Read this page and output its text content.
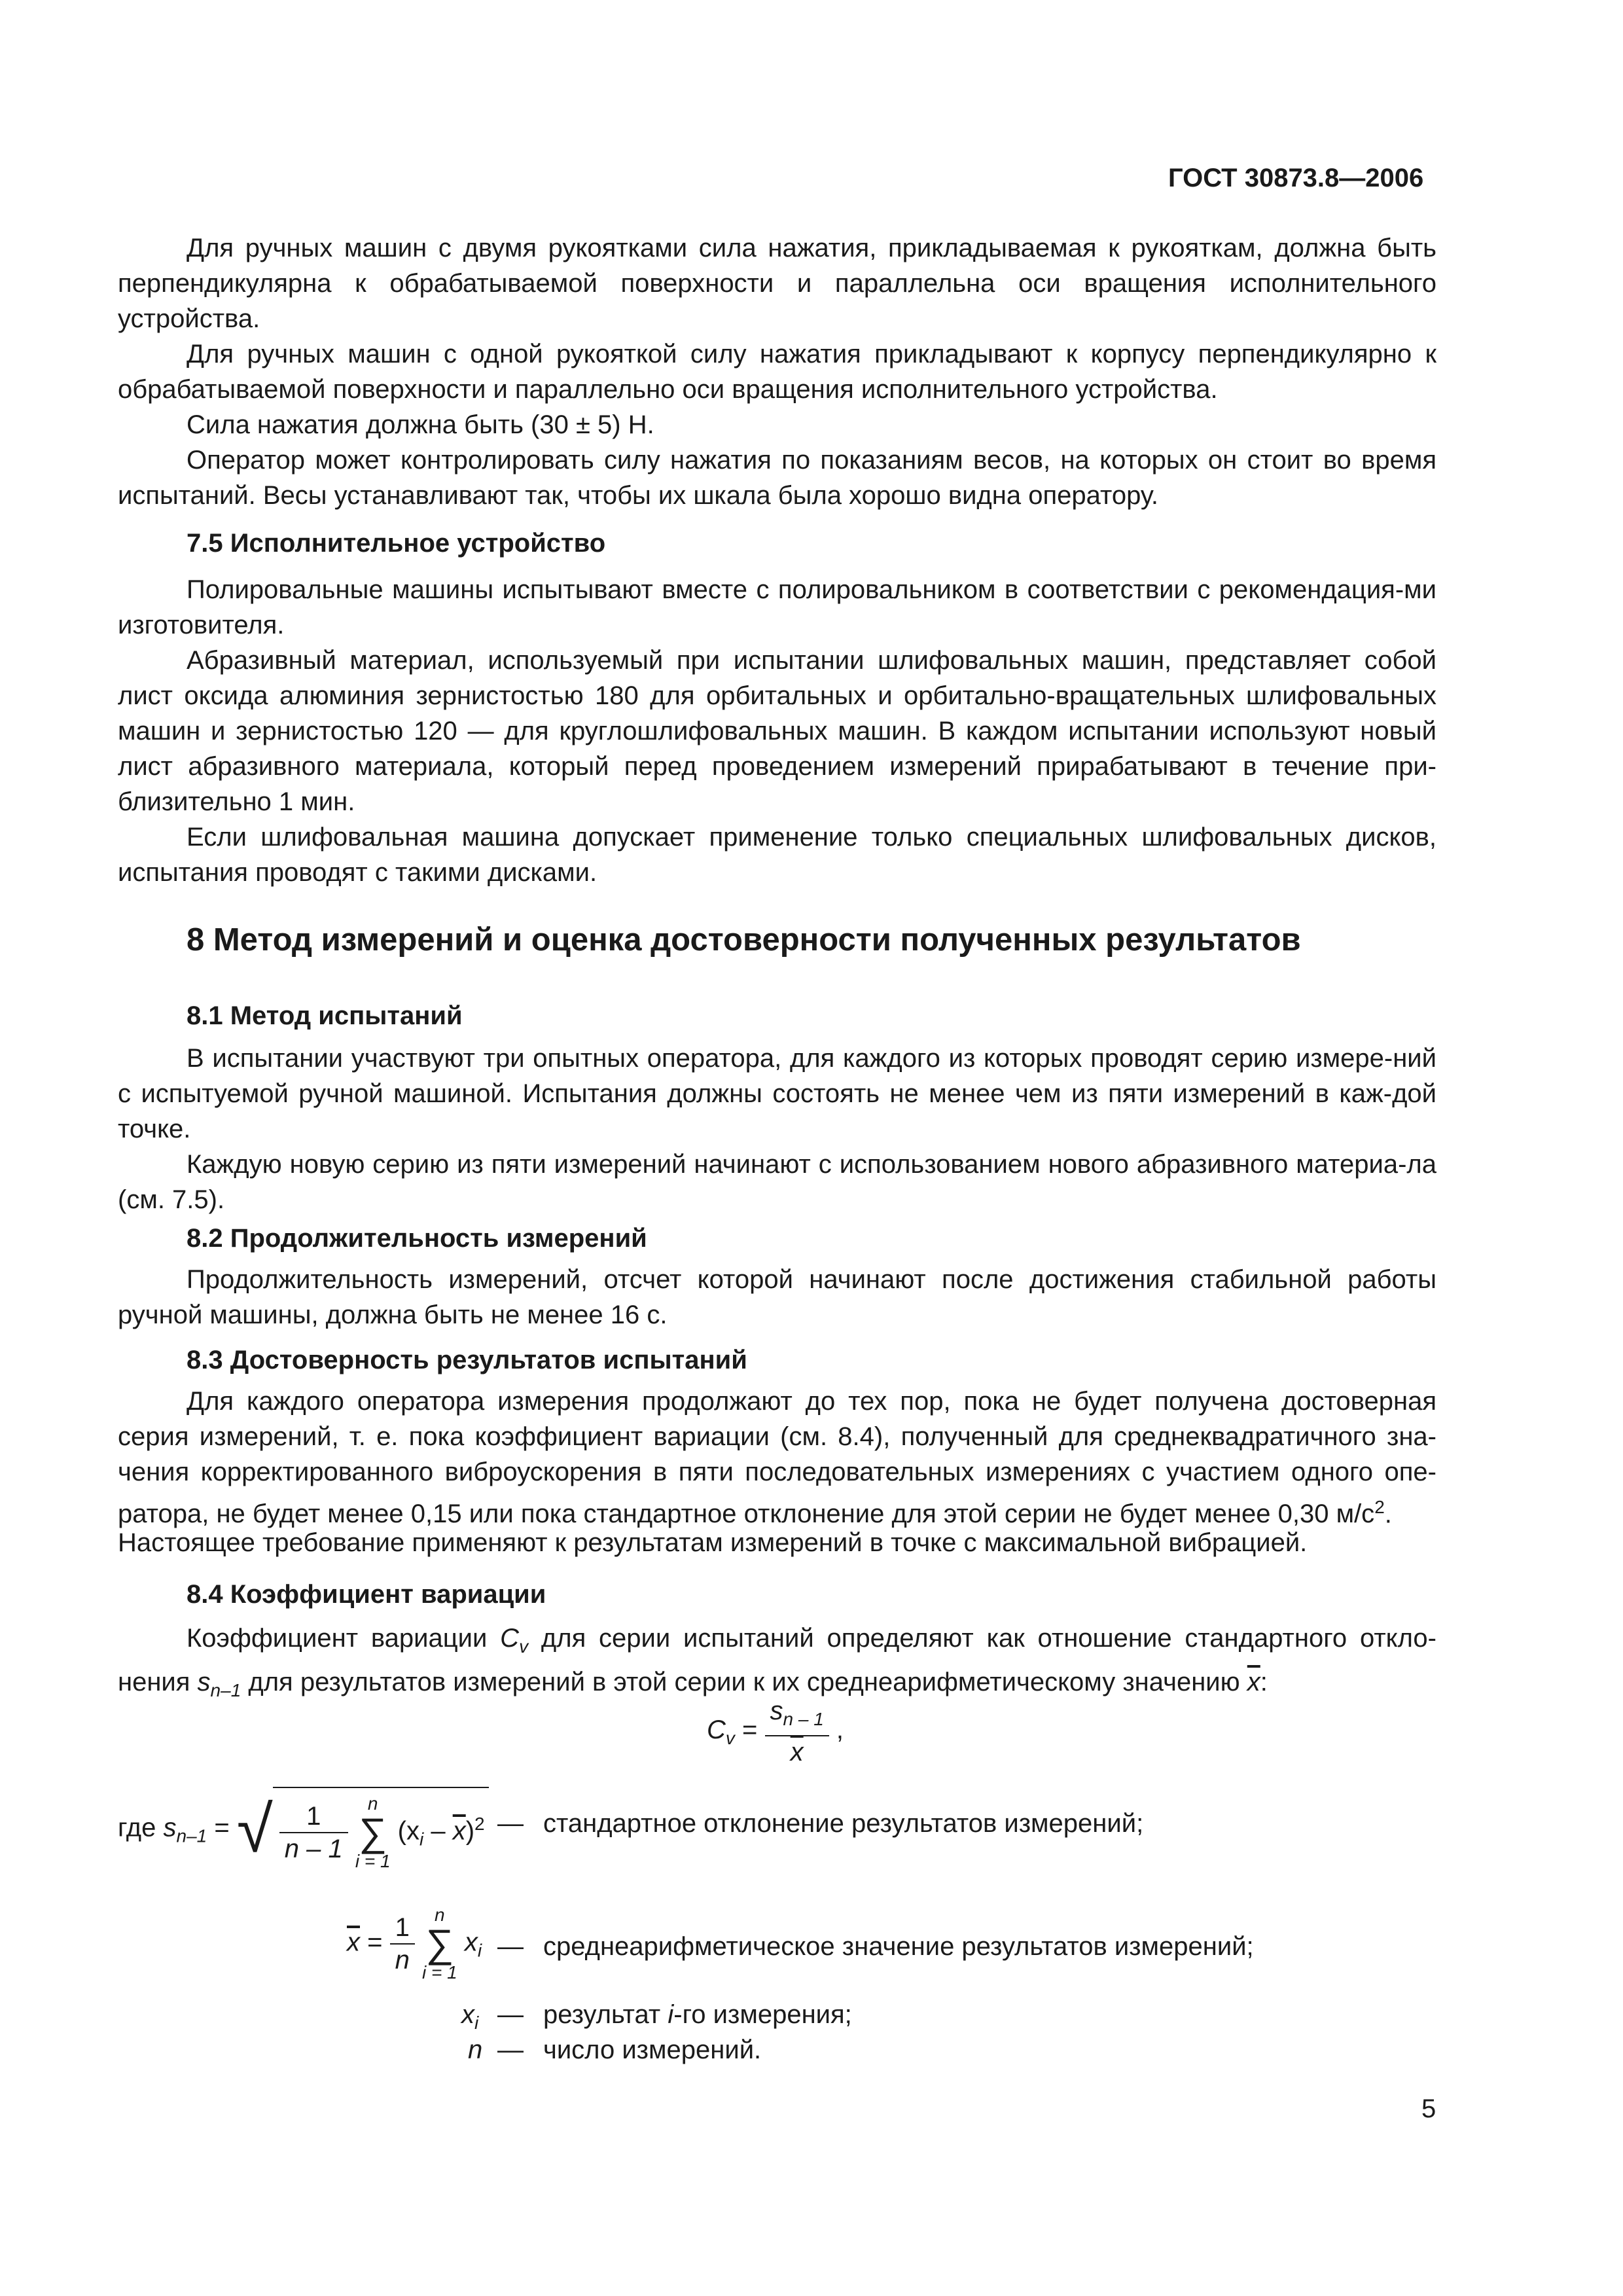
ГОСТ 30873.8—2006
Для ручных машин с двумя рукоятками сила нажатия, прикладываемая к рукояткам, должна быть перпендикулярна к обрабатываемой поверхности и параллельна оси вращения исполнительного устройства.
Для ручных машин с одной рукояткой силу нажатия прикладывают к корпусу перпендикулярно к обрабатываемой поверхности и параллельно оси вращения исполнительного устройства.
Сила нажатия должна быть (30 ± 5) Н.
Оператор может контролировать силу нажатия по показаниям весов, на которых он стоит во время испытаний. Весы устанавливают так, чтобы их шкала была хорошо видна оператору.
7.5 Исполнительное устройство
Полировальные машины испытывают вместе с полировальником в соответствии с рекомендация-ми изготовителя.
Абразивный материал, используемый при испытании шлифовальных машин, представляет собой лист оксида алюминия зернистостью 180 для орбитальных и орбитально-вращательных шлифовальных машин и зернистостью 120 — для круглошлифовальных машин. В каждом испытании используют новый лист абразивного материала, который перед проведением измерений прирабатывают в течение при-близительно 1 мин.
Если шлифовальная машина допускает применение только специальных шлифовальных дисков, испытания проводят с такими дисками.
8 Метод измерений и оценка достоверности полученных результатов
8.1 Метод испытаний
В испытании участвуют три опытных оператора, для каждого из которых проводят серию измере-ний с испытуемой ручной машиной. Испытания должны состоять не менее чем из пяти измерений в каж-дой точке.
Каждую новую серию из пяти измерений начинают с использованием нового абразивного материа-ла (см. 7.5).
8.2 Продолжительность измерений
Продолжительность измерений, отсчет которой начинают после достижения стабильной работы ручной машины, должна быть не менее 16 с.
8.3 Достоверность результатов испытаний
Для каждого оператора измерения продолжают до тех пор, пока не будет получена достоверная серия измерений, т. е. пока коэффициент вариации (см. 8.4), полученный для среднеквадратичного зна-чения корректированного виброускорения в пяти последовательных измерениях с участием одного опе-ратора, не будет менее 0,15 или пока стандартное отклонение для этой серии не будет менее 0,30 $м/с^2$.
Настоящее требование применяют к результатам измерений в точке с максимальной вибрацией.
8.4 Коэффициент вариации
Коэффициент вариации $C_v$ для серии испытаний определяют как отношение стандартного откло-нения $s_{n-1}$ для результатов измерений в этой серии к их среднеарифметическому значению $\overline{x}$:
$C_v = \frac{s_{n - 1}}{x}$ ,
где $s_{n-1}$ = √ $\frac{1}{n - 1}$ n
∑
i = 1 $(x_i - \overline{x})^2$ — стандартное отклонение результатов измерений;
$\overline{x} = \frac{1}{n}$ n
∑
i = 1 $x_i$ — среднеарифметическое значение результатов измерений;
$x_i$ — результат i-го измерения;
n — число измерений.
5
